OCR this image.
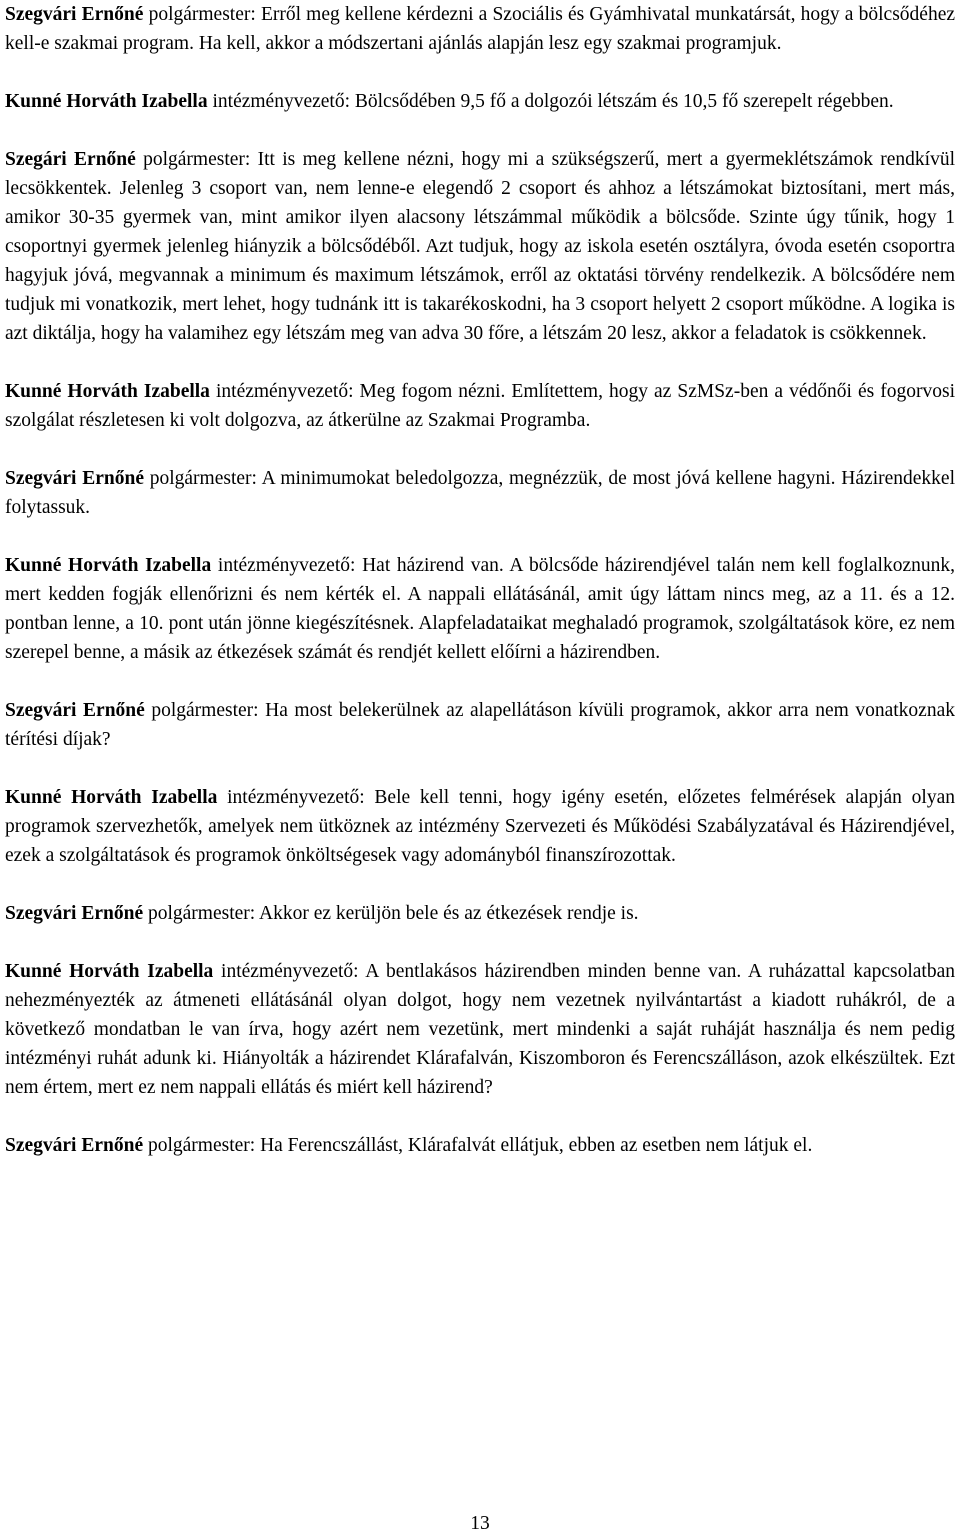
Szegvári Ernőné polgármester: Erről meg kellene kérdezni a Szociális és Gyámhivatal munkatársát, hogy a bölcsődéhez kell-e szakmai program. Ha kell, akkor a módszertani ajánlás alapján lesz egy szakmai programjuk.

Kunné Horváth Izabella intézményvezető: Bölcsődében 9,5 fő a dolgozói létszám és 10,5 fő szerepelt régebben.

Szegári Ernőné polgármester: Itt is meg kellene nézni, hogy mi a szükségszerű, mert a gyermeklétszámok rendkívül lecsökkentek. Jelenleg 3 csoport van, nem lenne-e elegendő 2 csoport és ahhoz a létszámokat biztosítani, mert más, amikor 30-35 gyermek van, mint amikor ilyen alacsony létszámmal működik a bölcsőde. Szinte úgy tűnik, hogy 1 csoportnyi gyermek jelenleg hiányzik a bölcsődéből. Azt tudjuk, hogy az iskola esetén osztályra, óvoda esetén csoportra hagyjuk jóvá, megvannak a minimum és maximum létszámok, erről az oktatási törvény rendelkezik. A bölcsődére nem tudjuk mi vonatkozik, mert lehet, hogy tudnánk itt is takarékoskodni, ha 3 csoport helyett 2 csoport működne. A logika is azt diktálja, hogy ha valamihez egy létszám meg van adva 30 főre, a létszám 20 lesz, akkor a feladatok is csökkennek.

Kunné Horváth Izabella intézményvezető: Meg fogom nézni. Említettem, hogy az SzMSz-ben a védőnői és fogorvosi szolgálat részletesen ki volt dolgozva, az átkerülne az Szakmai Programba.

Szegvári Ernőné polgármester: A minimumokat beledolgozza, megnézzük, de most jóvá kellene hagyni. Házirendekkel folytassuk.

Kunné Horváth Izabella intézményvezető: Hat házirend van. A bölcsőde házirendjével talán nem kell foglalkoznunk, mert kedden fogják ellenőrizni és nem kérték el. A nappali ellátásánál, amit úgy láttam nincs meg, az a 11. és a 12. pontban lenne, a 10. pont után jönne kiegészítésnek. Alapfeladataikat meghaladó programok, szolgáltatások köre, ez nem szerepel benne, a másik az étkezések számát és rendjét kellett előírni a házirendben.

Szegvári Ernőné polgármester: Ha most belekerülnek az alapellátáson kívüli programok, akkor arra nem vonatkoznak térítési díjak?

Kunné Horváth Izabella intézményvezető: Bele kell tenni, hogy igény esetén, előzetes felmérések alapján olyan programok szervezhetők, amelyek nem ütköznek az intézmény Szervezeti és Működési Szabályzatával és Házirendjével, ezek a szolgáltatások és programok önköltségesek vagy adományból finanszírozottak.

Szegvári Ernőné polgármester: Akkor ez kerüljön bele és az étkezések rendje is.

Kunné Horváth Izabella intézményvezető: A bentlakásos házirendben minden benne van. A ruházattal kapcsolatban nehezményezték az átmeneti ellátásánál olyan dolgot, hogy nem vezetnek nyilvántartást a kiadott ruhákról, de a következő mondatban le van írva, hogy azért nem vezetünk, mert mindenki a saját ruháját használja és nem pedig intézményi ruhát adunk ki. Hiányolták a házirendet Klárafalván, Kiszomboron és Ferencszálláson, azok elkészültek. Ezt nem értem, mert ez nem nappali ellátás és miért kell házirend?

Szegvári Ernőné polgármester: Ha Ferencszállást, Klárafalvát ellátjuk, ebben az esetben nem látjuk el.

13
